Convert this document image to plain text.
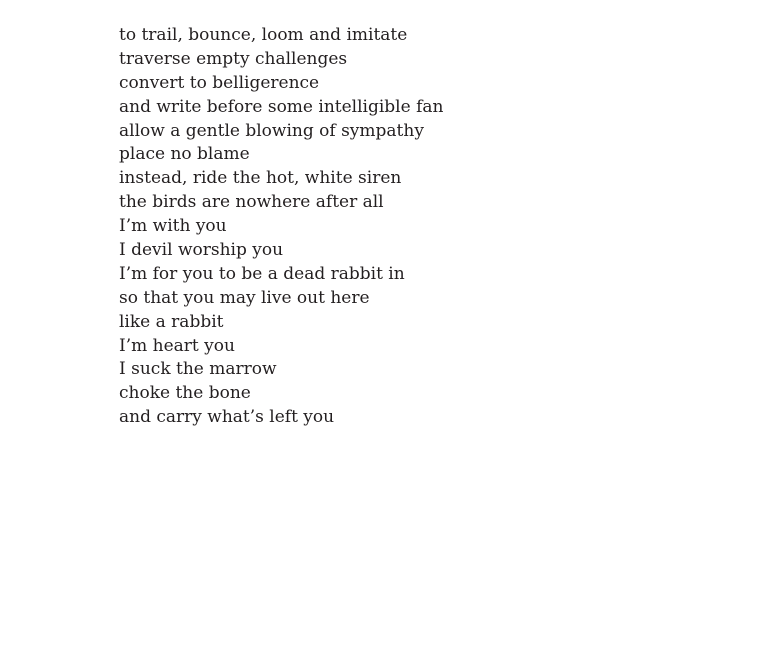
to trail, bounce, loom and imitate
traverse empty challenges
convert to belligerence
and write before some intelligible fan
allow a gentle blowing of sympathy
place no blame
instead, ride the hot, white siren
the birds are nowhere after all
I’m with you
I devil worship you
I’m for you to be a dead rabbit in
so that you may live out here
like a rabbit
I’m heart you
I suck the marrow
choke the bone
and carry what’s left you
